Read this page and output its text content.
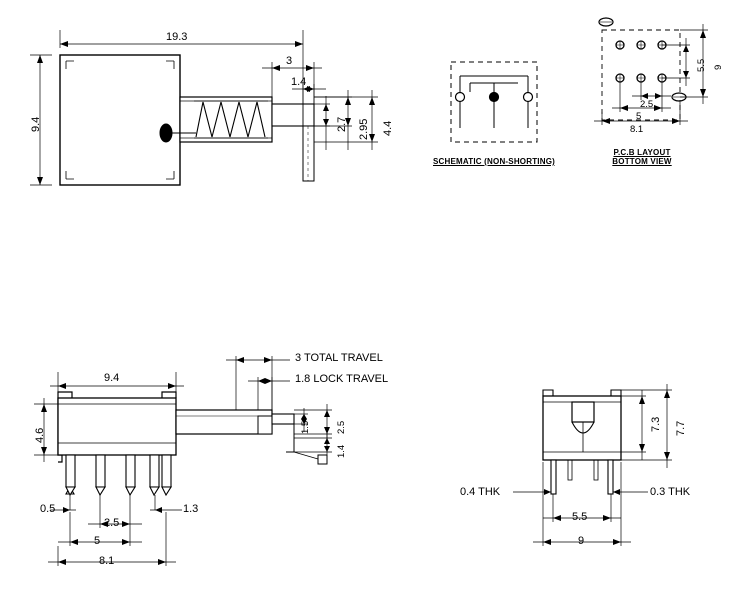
19.3
9.4
3
1.4
2.7 2.95 4.4
SCHEMATIC (NON-SHORTING)
P.C.B LAYOUT
BOTTOM VIEW
5.5 9
2.5
5
8.1
3 TOTAL TRAVEL
1.8 LOCK TRAVEL
9.4
4.6
0.5
2.5
1.3
5
8.1
1.5	2.5
1.4
7.3 7.7
5.5
9
0.4 THK	0.3 THK
